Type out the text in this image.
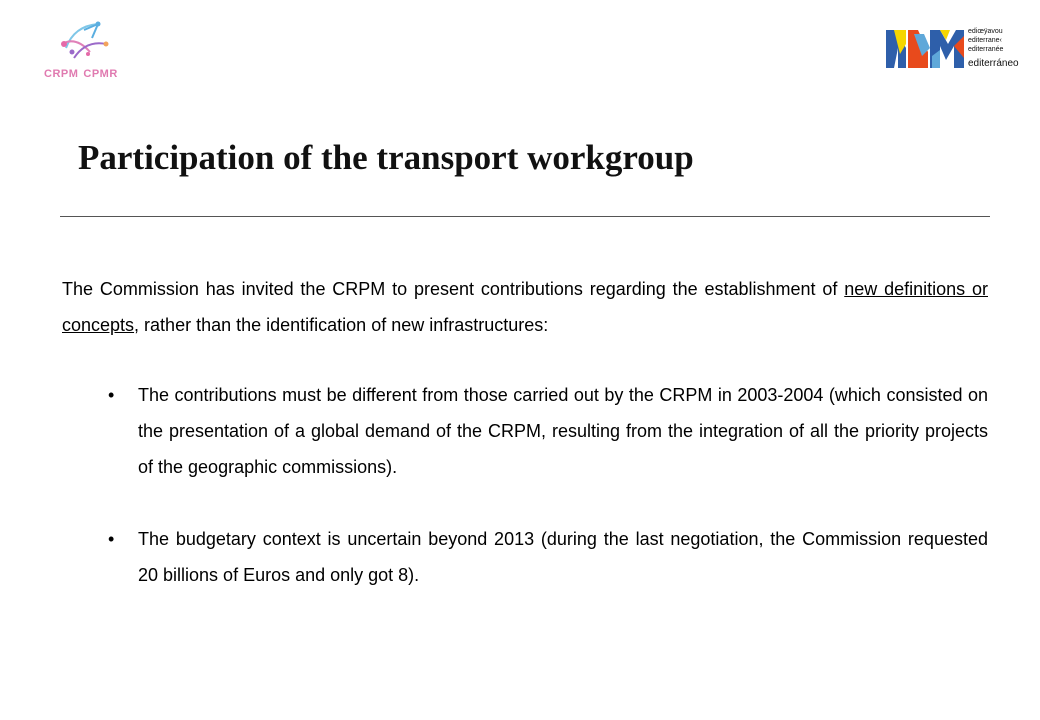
CRPM CPMR
ediœÿavou
editerrane‹
editerranée
editerráneo
Participation of the transport workgroup

The Commission has invited the CRPM to present contributions regarding the establishment of new definitions or concepts, rather than the identification of new infrastructures:

• The contributions must be different from those carried out by the CRPM in 2003-2004 (which consisted on the presentation of a global demand of the CRPM, resulting from the integration of all the priority projects of the geographic commissions).
• The budgetary context is uncertain beyond 2013 (during the last negotiation, the Commission requested 20 billions of Euros and only got 8).
